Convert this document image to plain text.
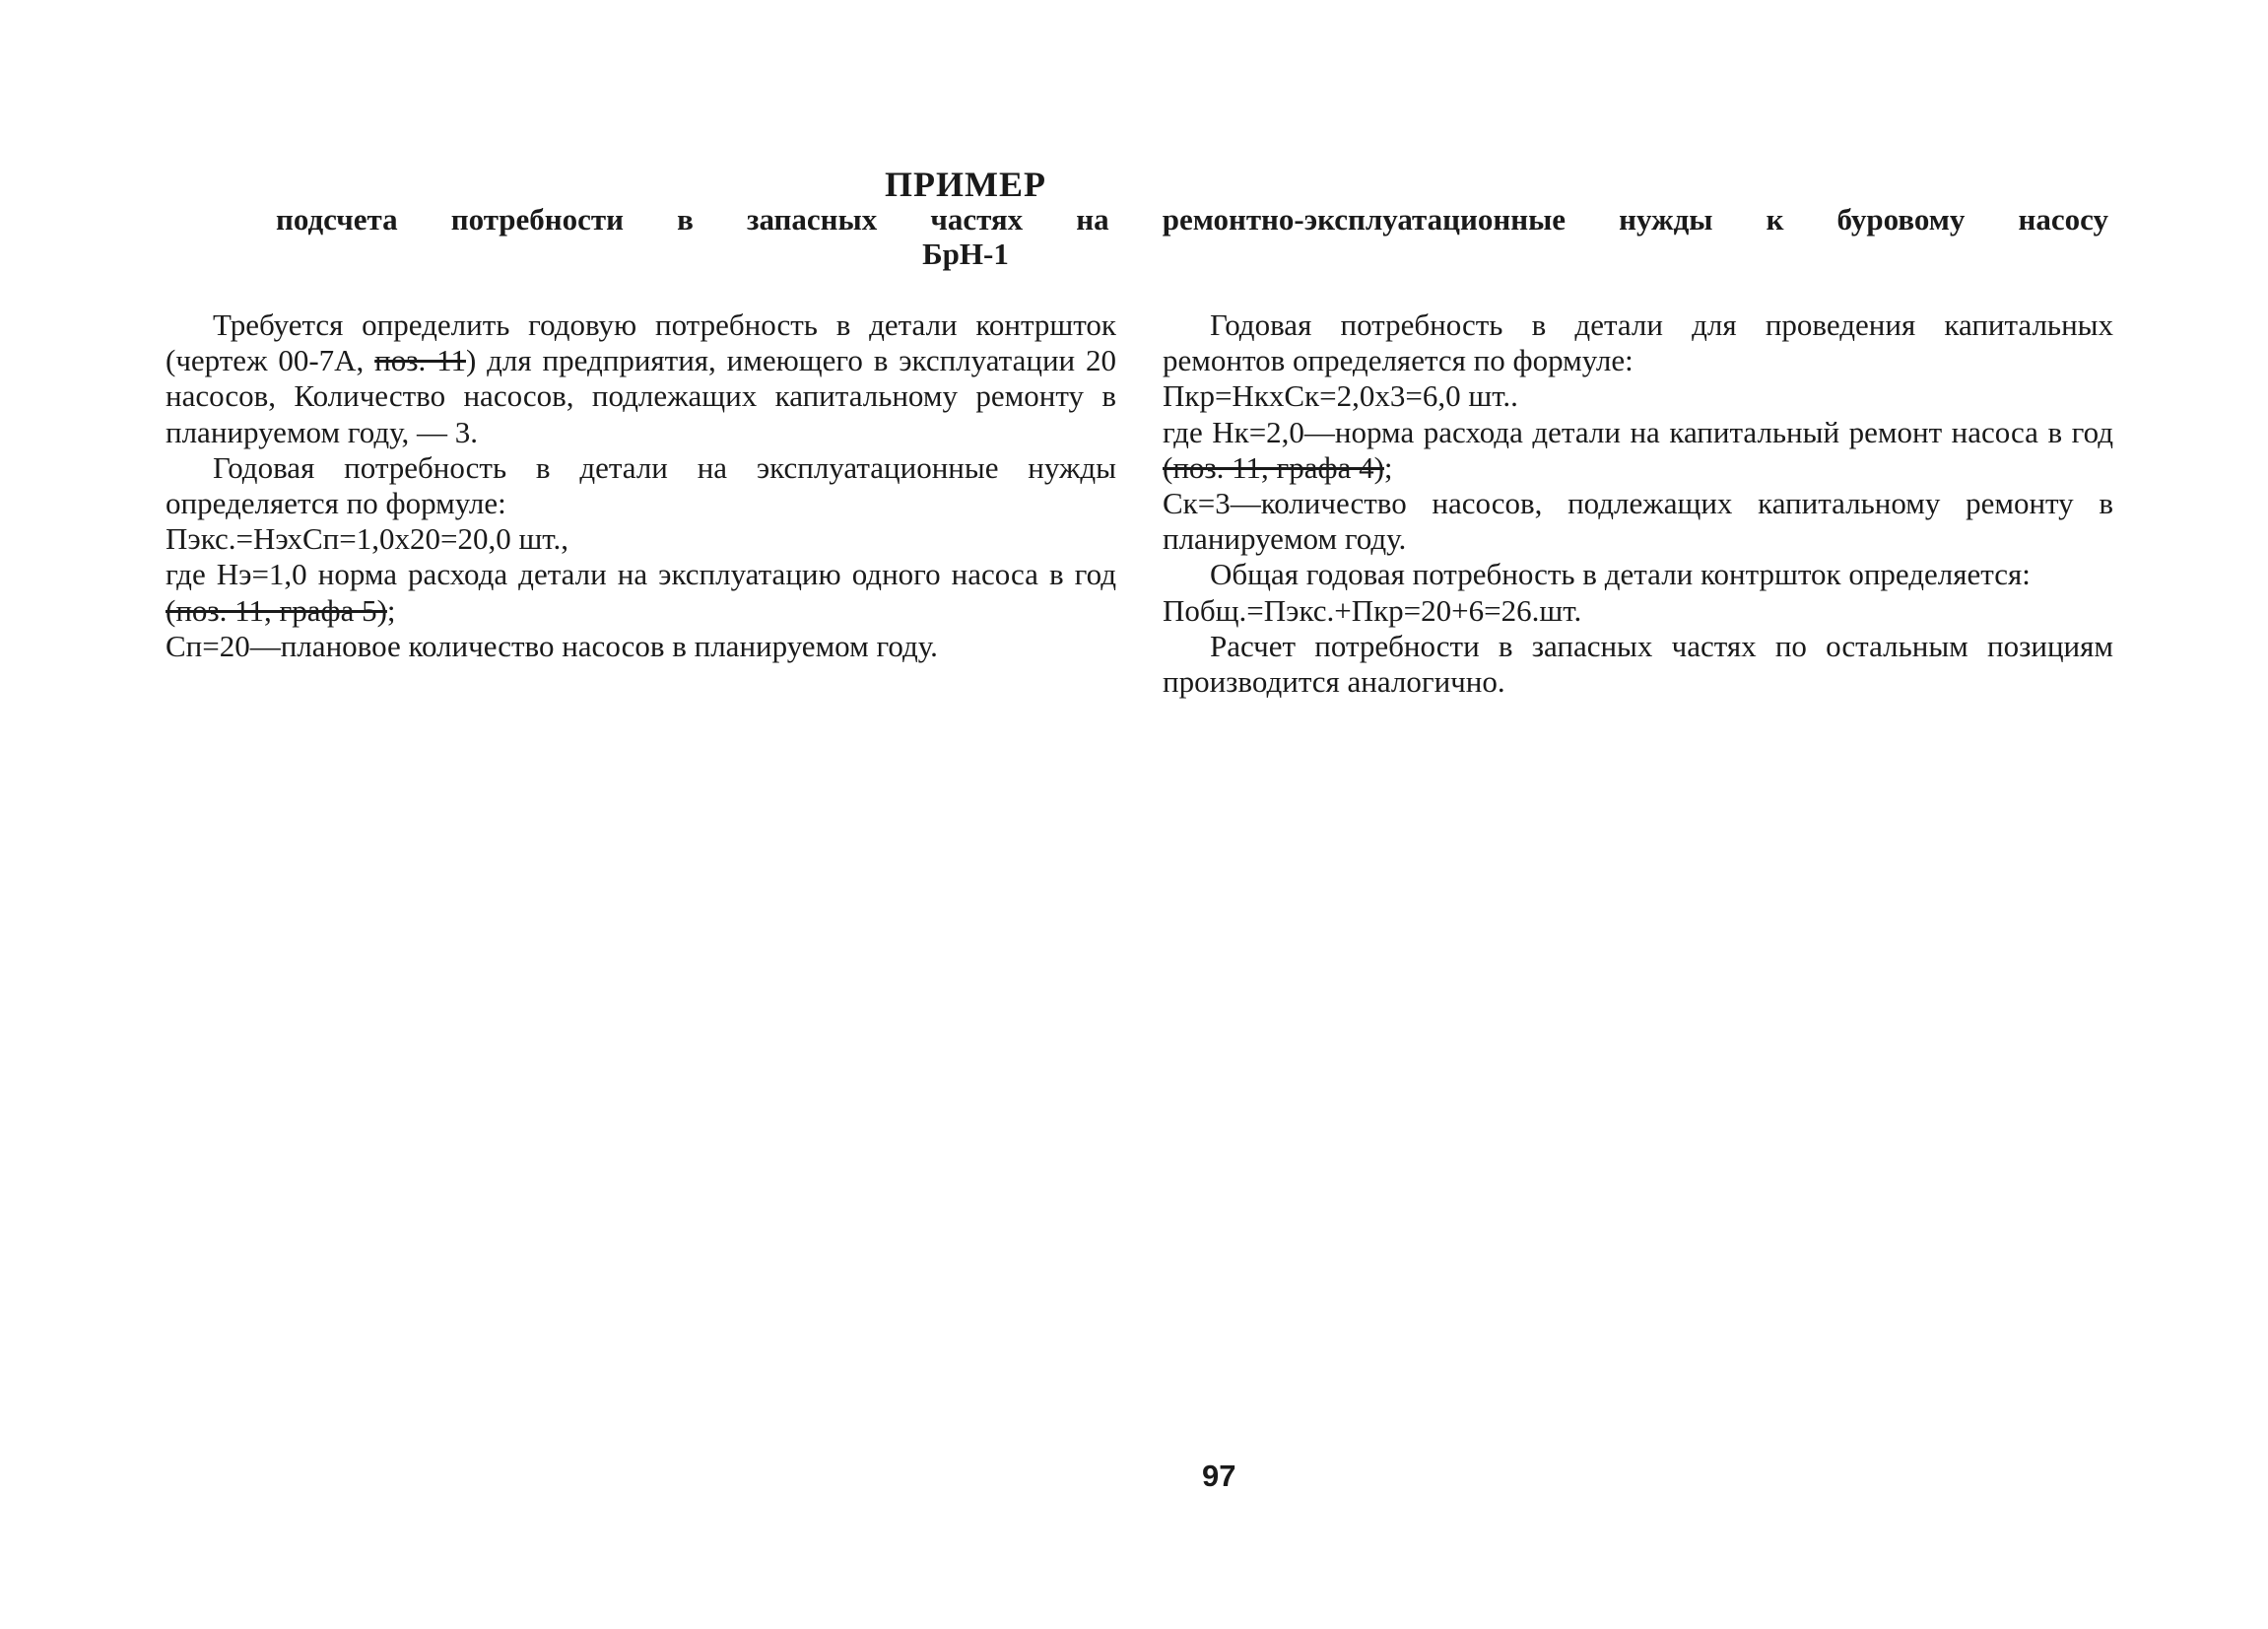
ПРИМЕР
подсчета потребности в запасных частях на ремонтно-эксплуатационные нужды к буровому насосу
БрН-1

Требуется определить годовую потребность в детали контршток (чертеж 00-7А, поз. 11) для предприятия, имеющего в эксплуатации 20 насосов, Количество насосов, подлежащих капитальному ремонту в планируемом году, — 3.

Годовая потребность в детали на эксплуатационные нужды определяется по формуле:

Пэкс.=НэхСп=1,0х20=20,0 шт.,

где Нэ=1,0 норма расхода детали на эксплуатацию одного насоса в год (поз. 11, графа 5);

Сп=20—плановое количество насосов в планируемом году.

Годовая потребность в детали для проведения капитальных ремонтов определяется по формуле:

Пкр=НкхСк=2,0х3=6,0 шт..

где Нк=2,0—норма расхода детали на капитальный ремонт насоса в год (поз. 11, графа 4);

Ск=3—количество насосов, подлежащих капитальному ремонту в планируемом году.

Общая годовая потребность в детали контршток определяется:

Побщ.=Пэкс.+Пкр=20+6=26.шт.

Расчет потребности в запасных частях по остальным позициям производится аналогично.

97
